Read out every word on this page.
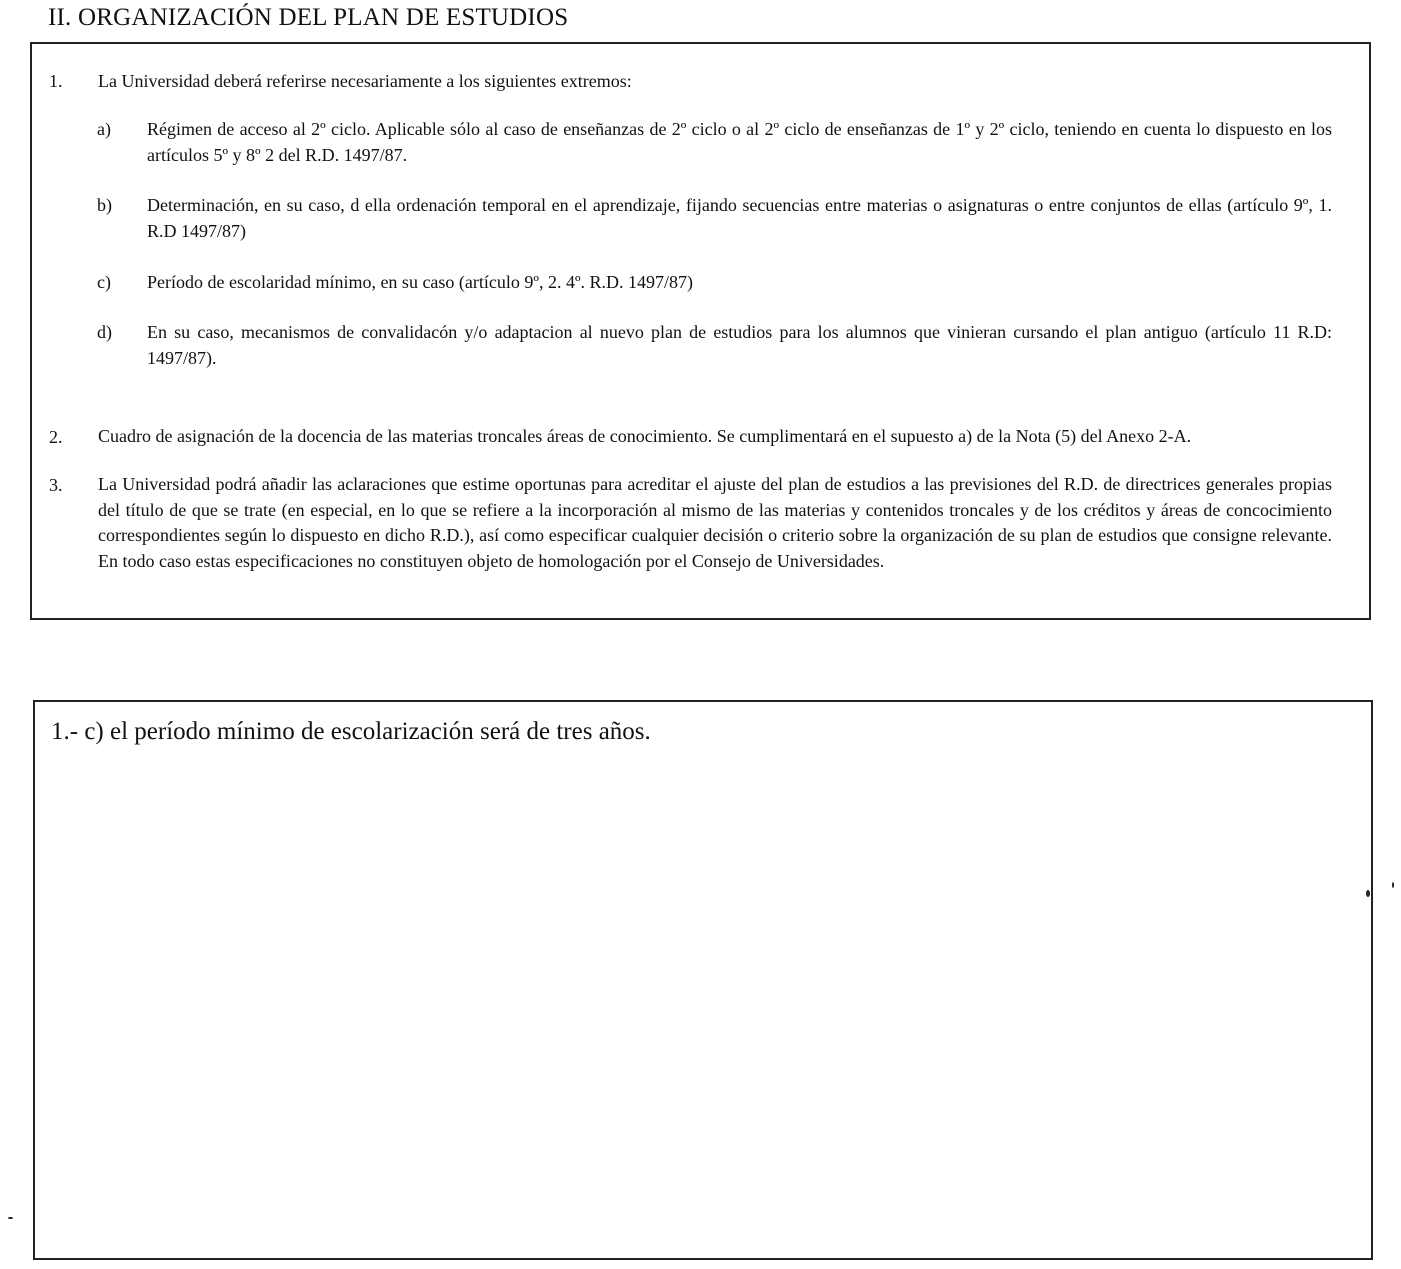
II. ORGANIZACIÓN DEL PLAN DE ESTUDIOS
1.	La Universidad deberá referirse necesariamente a los siguientes extremos:
a)	Régimen de acceso al 2º ciclo. Aplicable sólo al caso de enseñanzas de 2º ciclo o al 2º ciclo de enseñanzas de 1º y 2º ciclo, teniendo en cuenta lo dispuesto en los artículos 5º y 8º 2 del R.D. 1497/87.
b)	Determinación, en su caso, d ella ordenación temporal en el aprendizaje, fijando secuencias entre materias o asignaturas o entre conjuntos de ellas (artículo 9º, 1. R.D 1497/87)
c)	Período de escolaridad mínimo, en su caso (artículo 9º, 2. 4º. R.D. 1497/87)
d)	En su caso, mecanismos de convalidacón y/o adaptacion al nuevo plan de estudios para los alumnos que vinieran cursando el plan antiguo (artículo 11 R.D: 1497/87).
2.	Cuadro de asignación de la docencia de las materias troncales áreas de conocimiento. Se cumplimentará en el supuesto a) de la Nota (5) del Anexo 2-A.
3.	La Universidad podrá añadir las aclaraciones que estime oportunas para acreditar el ajuste del plan de estudios a las previsiones del R.D. de directrices generales propias del título de que se trate (en especial, en lo que se refiere a la incorporación al mismo de las materias y contenidos troncales y de los créditos y áreas de concocimiento correspondientes según lo dispuesto en dicho R.D.), así como especificar cualquier decisión o criterio sobre la organización de su plan de estudios que consigne relevante. En todo caso estas especificaciones no constituyen objeto de homologación por el Consejo de Universidades.
1.- c) el período mínimo de escolarización será de tres años.
